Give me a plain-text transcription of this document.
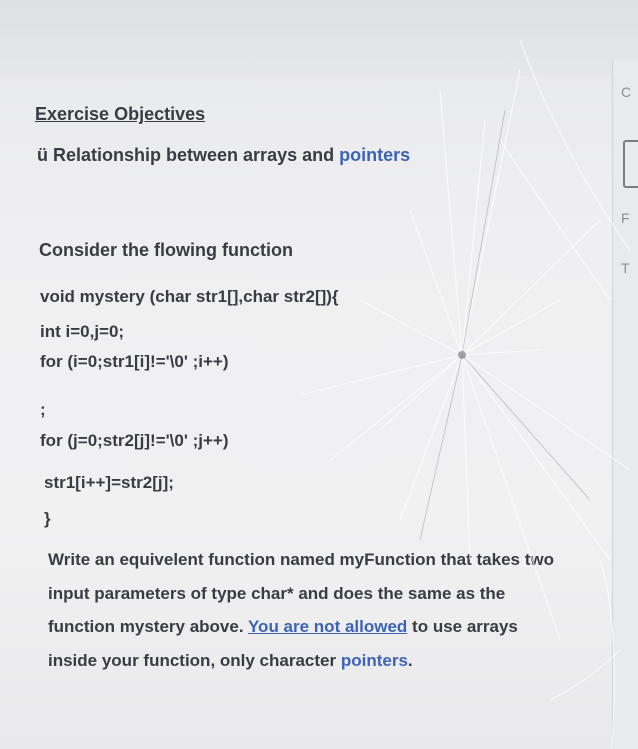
C
F
T
Exercise Objectives
ü Relationship between arrays and pointers
Consider the flowing function
void mystery (char str1[],char str2[]){
int i=0,j=0;
for (i=0;str1[i]!='\0' ;i++)
;
for (j=0;str2[j]!='\0' ;j++)
str1[i++]=str2[j];
}
Write an equivelent function named myFunction that takes two input parameters of type char* and does the same as the function mystery above. You are not allowed to use arrays inside your function, only character pointers.
